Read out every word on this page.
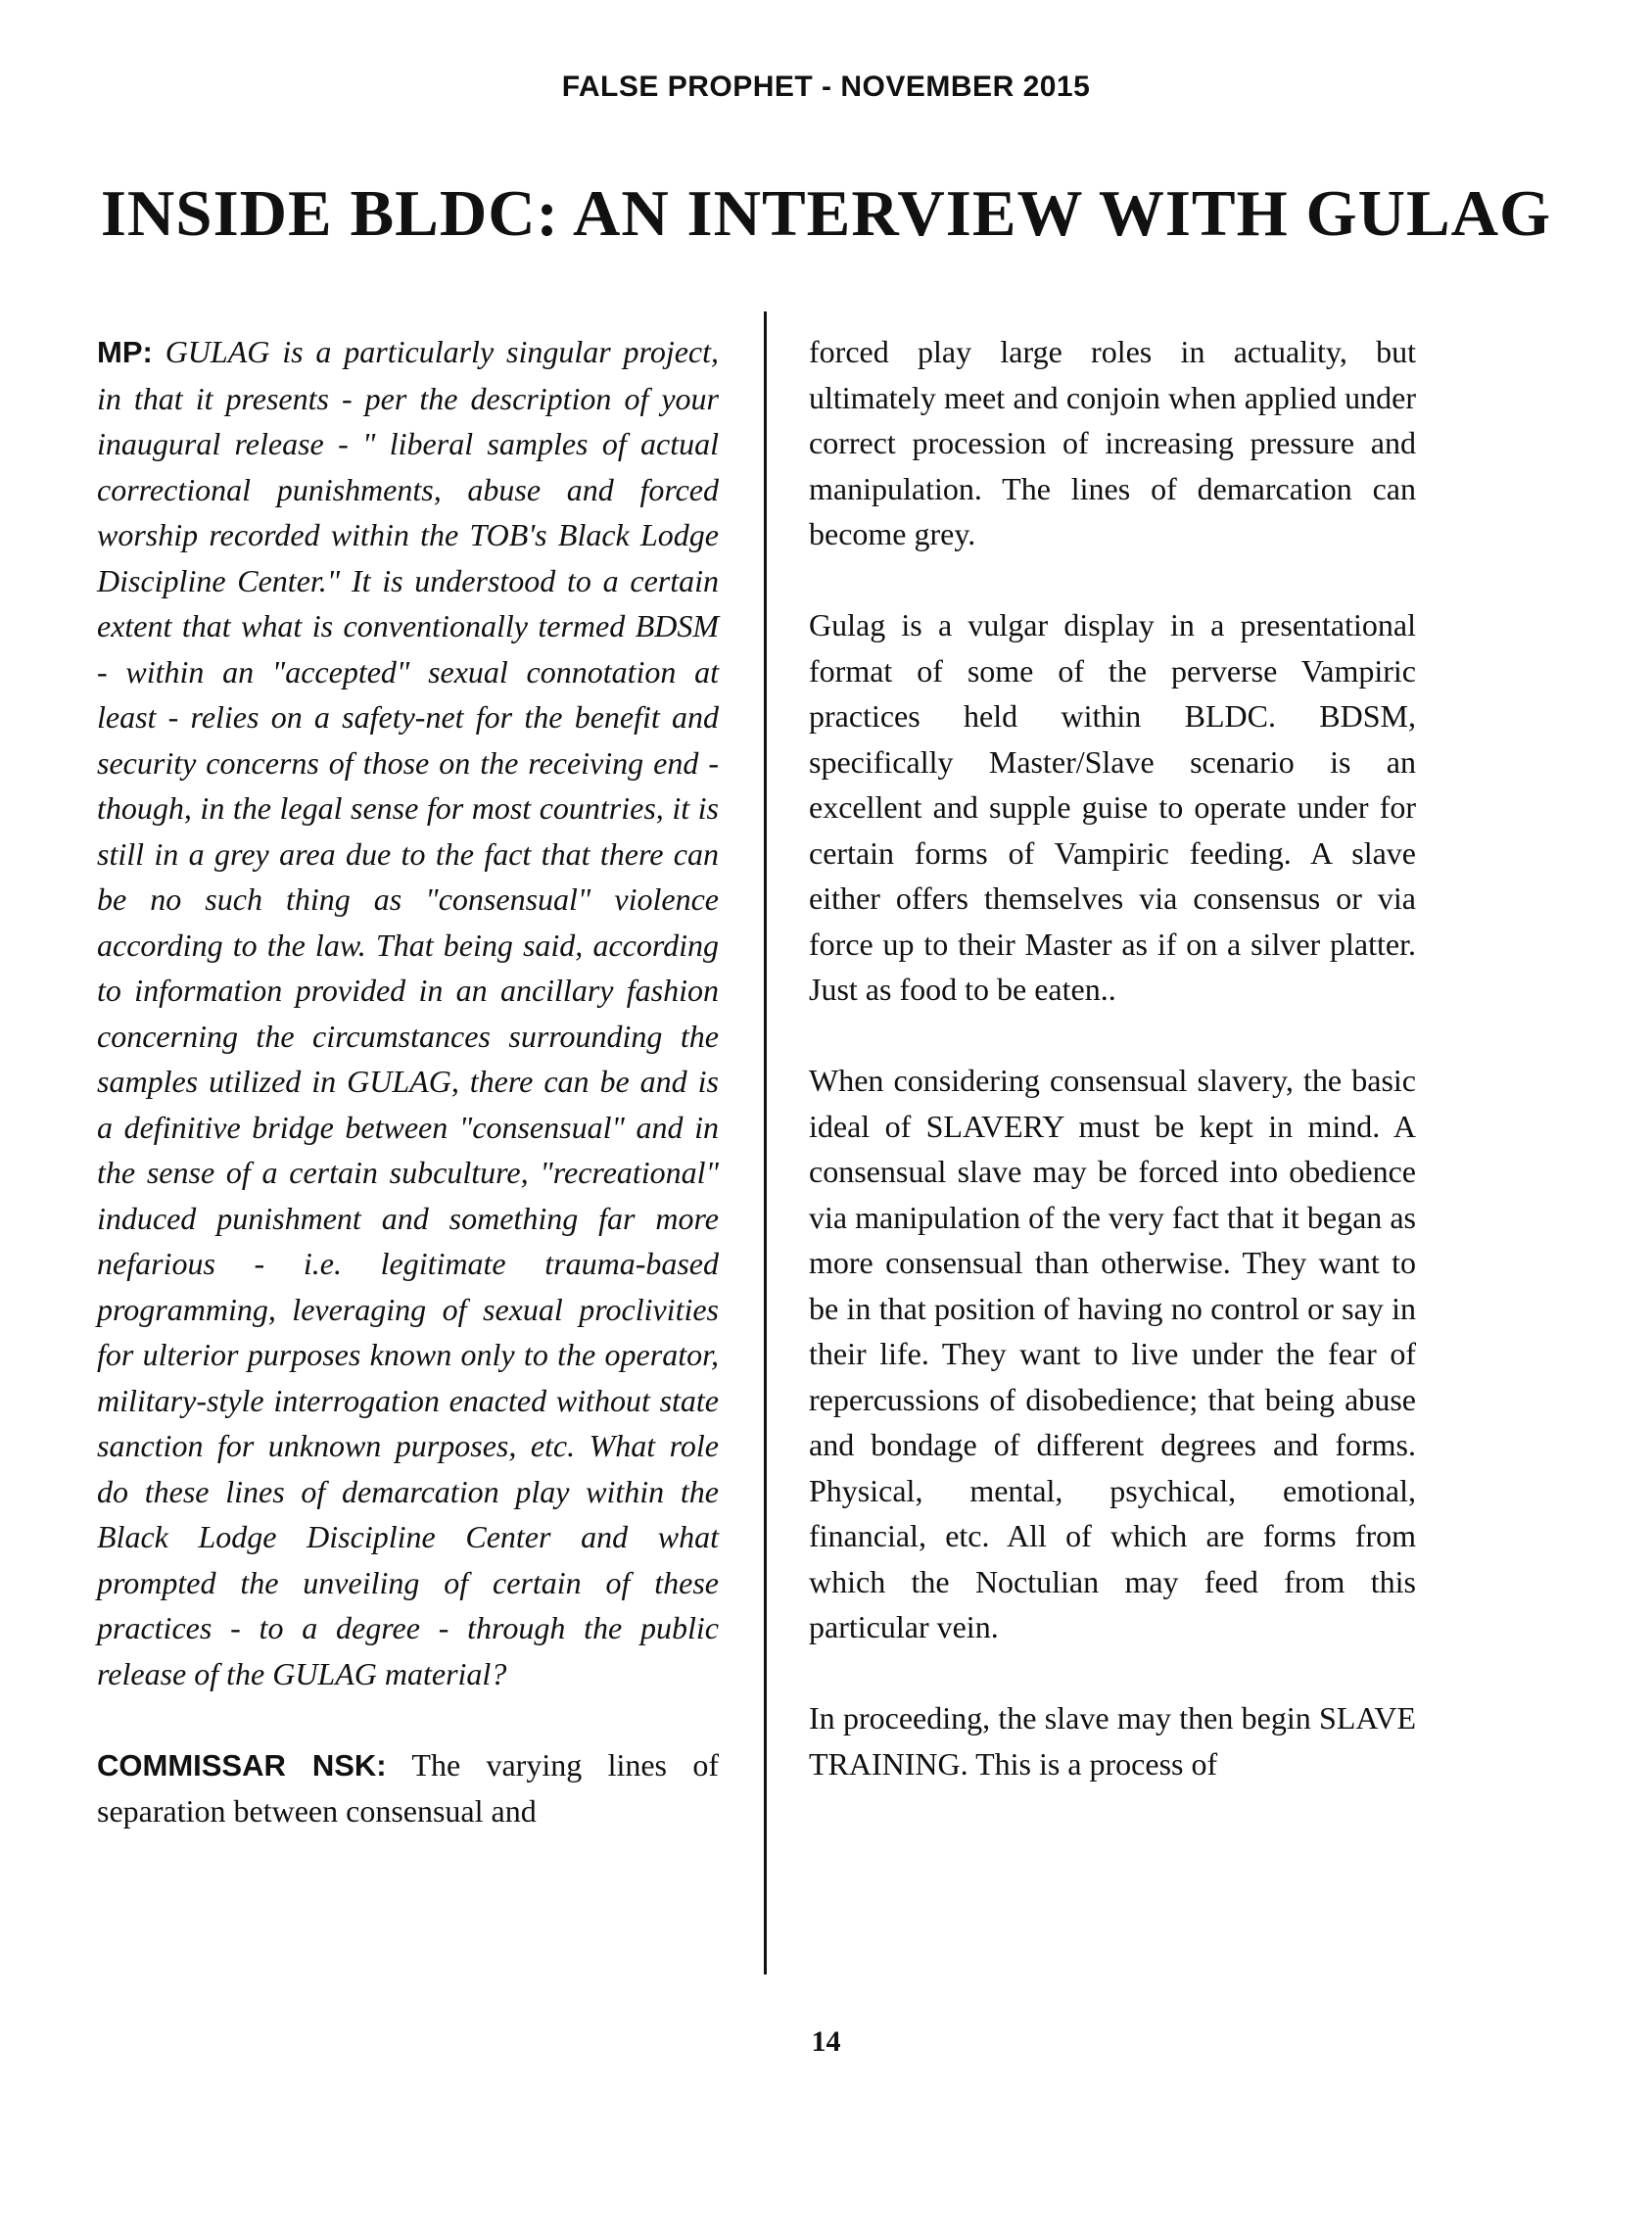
FALSE PROPHET - NOVEMBER 2015
INSIDE BLDC: AN INTERVIEW WITH GULAG

MP: GULAG is a particularly singular project, in that it presents - per the description of your inaugural release - " liberal samples of actual correctional punishments, abuse and forced worship recorded within the TOB's Black Lodge Discipline Center." It is understood to a certain extent that what is conventionally termed BDSM - within an "accepted" sexual connotation at least - relies on a safety-net for the benefit and security concerns of those on the receiving end - though, in the legal sense for most countries, it is still in a grey area due to the fact that there can be no such thing as "consensual" violence according to the law. That being said, according to information provided in an ancillary fashion concerning the circumstances surrounding the samples utilized in GULAG, there can be and is a definitive bridge between "consensual" and in the sense of a certain subculture, "recreational" induced punishment and something far more nefarious - i.e. legitimate trauma-based programming, leveraging of sexual proclivities for ulterior purposes known only to the operator, military-style interrogation enacted without state sanction for unknown purposes, etc. What role do these lines of demarcation play within the Black Lodge Discipline Center and what prompted the unveiling of certain of these practices - to a degree - through the public release of the GULAG material?

COMMISSAR NSK: The varying lines of separation between consensual and

forced play large roles in actuality, but ultimately meet and conjoin when applied under correct procession of increasing pressure and manipulation. The lines of demarcation can become grey.

Gulag is a vulgar display in a presentational format of some of the perverse Vampiric practices held within BLDC. BDSM, specifically Master/Slave scenario is an excellent and supple guise to operate under for certain forms of Vampiric feeding. A slave either offers themselves via consensus or via force up to their Master as if on a silver platter. Just as food to be eaten..

When considering consensual slavery, the basic ideal of SLAVERY must be kept in mind. A consensual slave may be forced into obedience via manipulation of the very fact that it began as more consensual than otherwise. They want to be in that position of having no control or say in their life. They want to live under the fear of repercussions of disobedience; that being abuse and bondage of different degrees and forms. Physical, mental, psychical, emotional, financial, etc. All of which are forms from which the Noctulian may feed from this particular vein.

In proceeding, the slave may then begin SLAVE TRAINING. This is a process of

14
